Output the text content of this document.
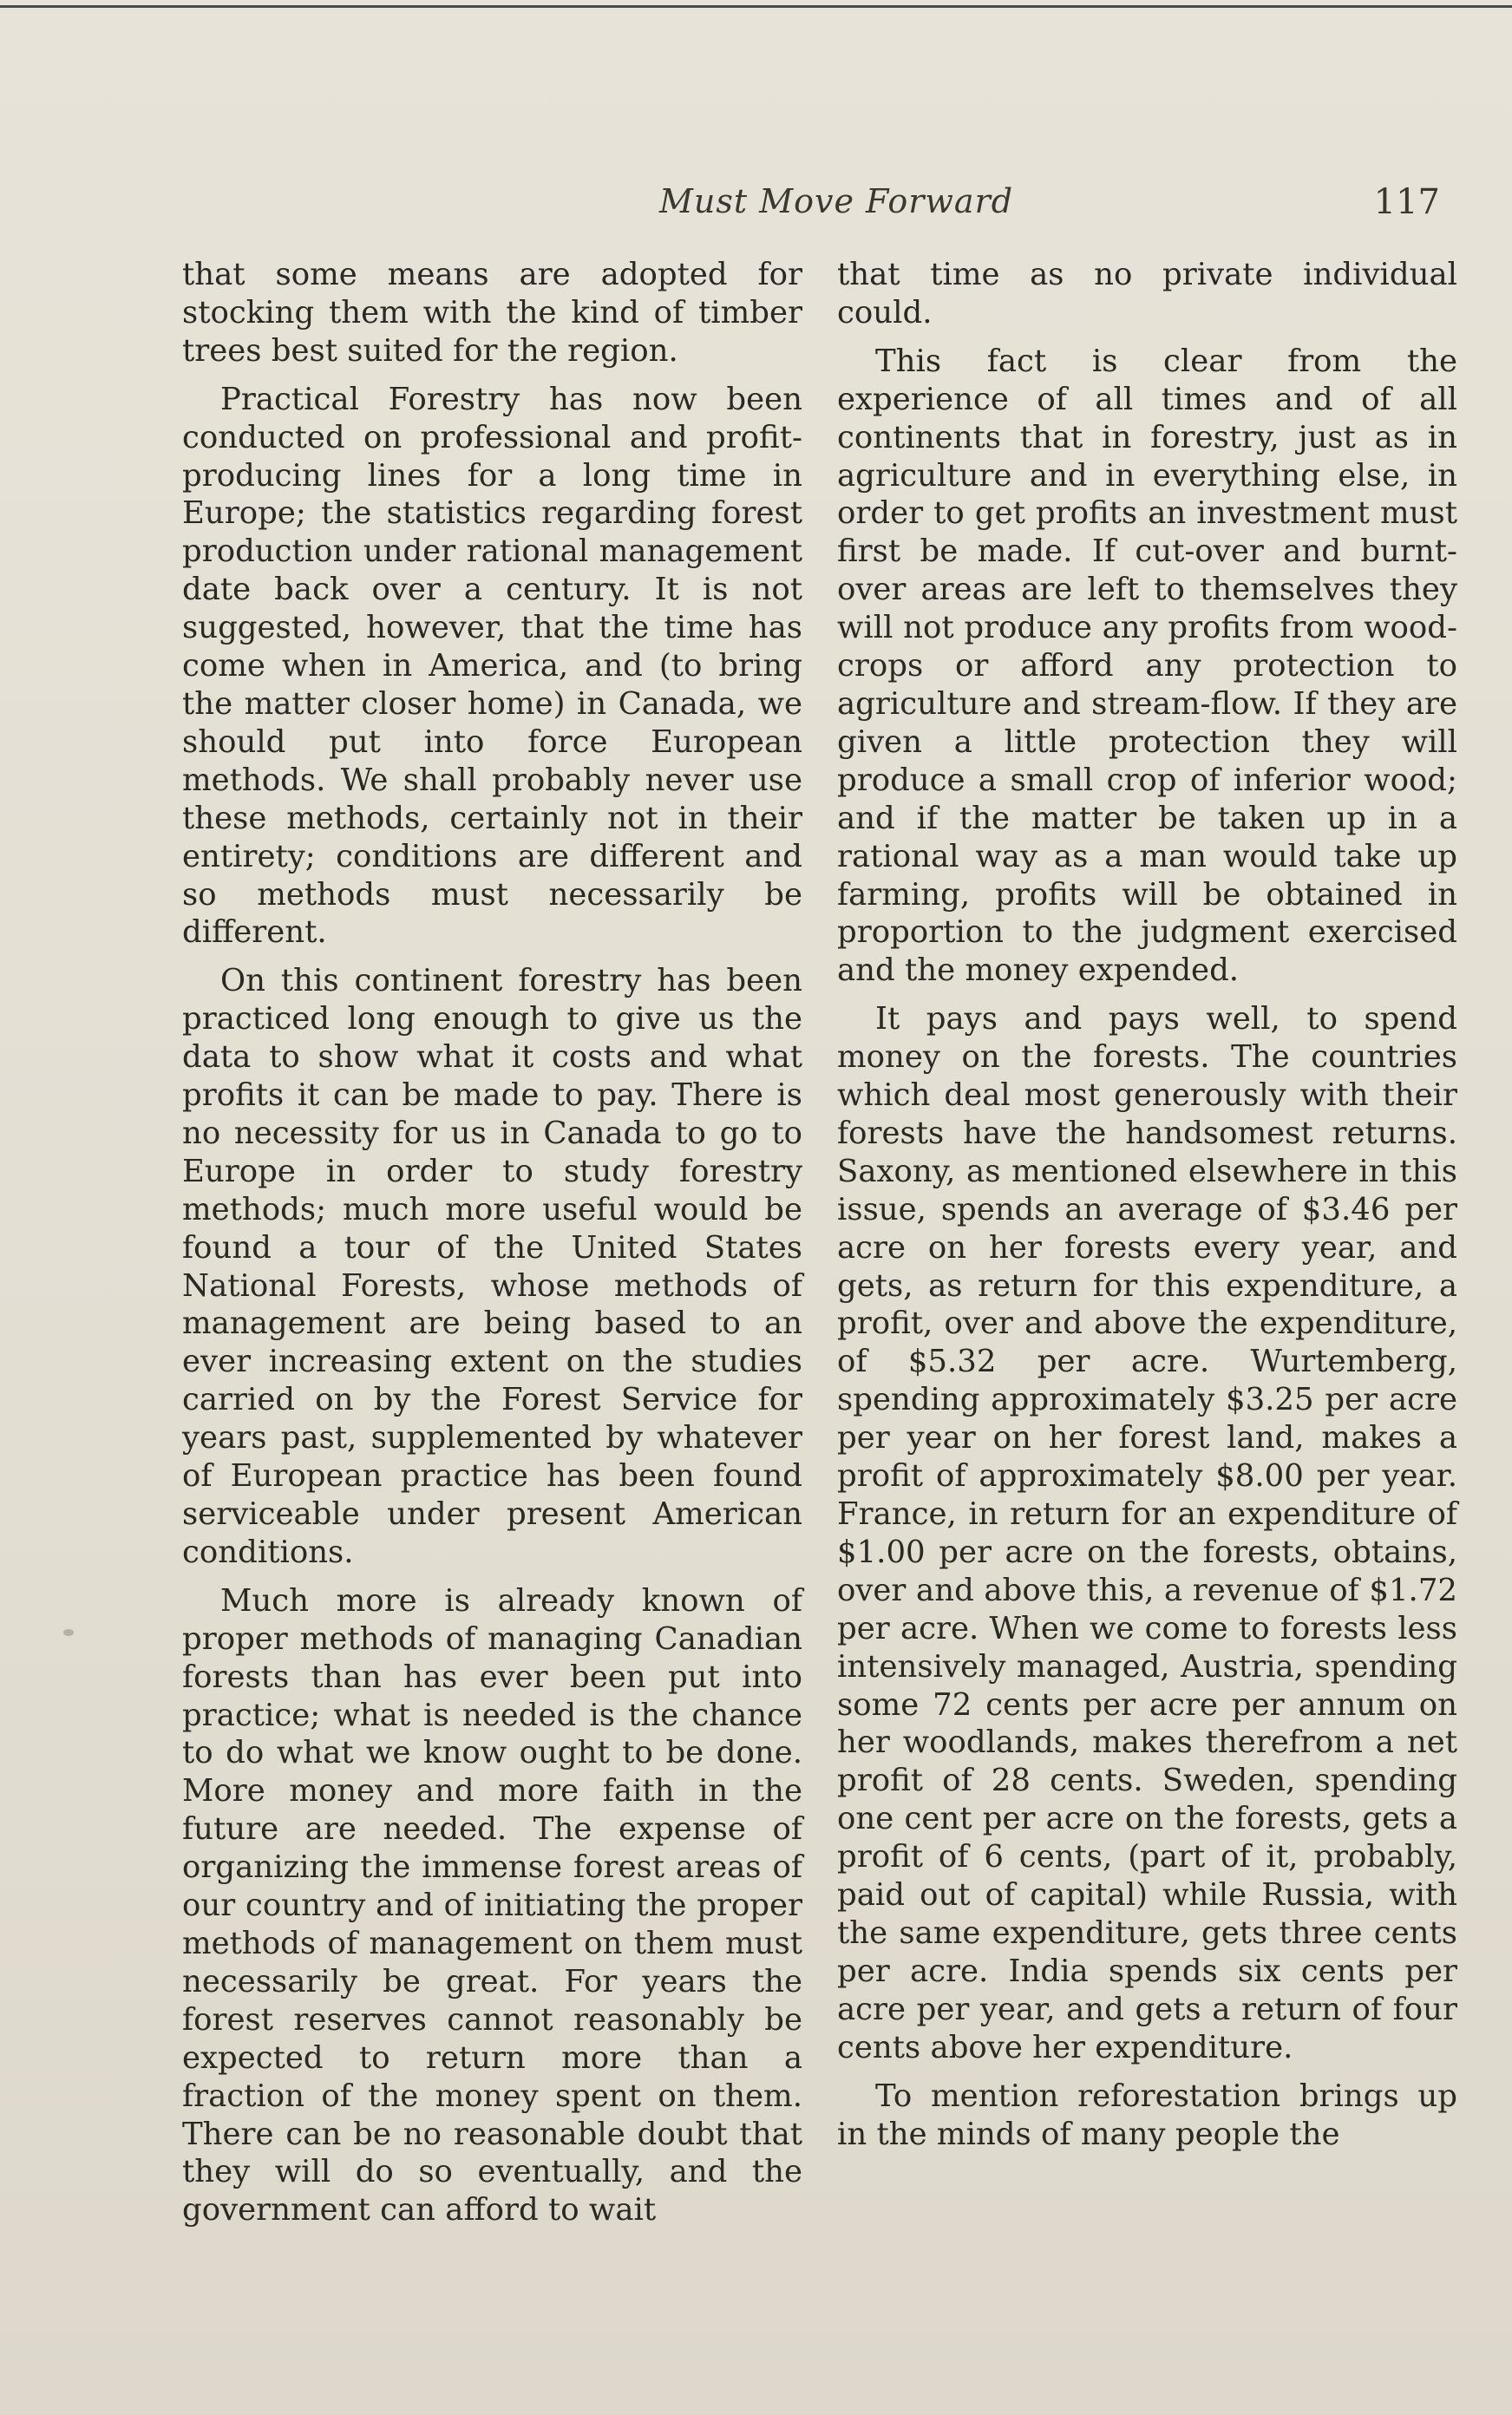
Must Move Forward	117

that some means are adopted for stocking them with the kind of timber trees best suited for the region.

Practical Forestry has now been conducted on professional and profit-producing lines for a long time in Europe; the statistics regarding forest production under rational management date back over a century. It is not suggested, however, that the time has come when in America, and (to bring the matter closer home) in Canada, we should put into force European methods. We shall probably never use these methods, certainly not in their entirety; conditions are different and so methods must necessarily be different.

On this continent forestry has been practiced long enough to give us the data to show what it costs and what profits it can be made to pay. There is no necessity for us in Canada to go to Europe in order to study forestry methods; much more useful would be found a tour of the United States National Forests, whose methods of management are being based to an ever increasing extent on the studies carried on by the Forest Service for years past, supplemented by whatever of European practice has been found serviceable under present American conditions.

Much more is already known of proper methods of managing Canadian forests than has ever been put into practice; what is needed is the chance to do what we know ought to be done. More money and more faith in the future are needed. The expense of organizing the immense forest areas of our country and of initiating the proper methods of management on them must necessarily be great. For years the forest reserves cannot reasonably be expected to return more than a fraction of the money spent on them. There can be no reasonable doubt that they will do so eventually, and the government can afford to wait

that time as no private individual could.

This fact is clear from the experience of all times and of all continents that in forestry, just as in agriculture and in everything else, in order to get profits an investment must first be made. If cut-over and burnt-over areas are left to themselves they will not produce any profits from wood-crops or afford any protection to agriculture and stream-flow. If they are given a little protection they will produce a small crop of inferior wood; and if the matter be taken up in a rational way as a man would take up farming, profits will be obtained in proportion to the judgment exercised and the money expended.

It pays and pays well, to spend money on the forests. The countries which deal most generously with their forests have the handsomest returns. Saxony, as mentioned elsewhere in this issue, spends an average of $3.46 per acre on her forests every year, and gets, as return for this expenditure, a profit, over and above the expenditure, of $5.32 per acre. Wurtemberg, spending approximately $3.25 per acre per year on her forest land, makes a profit of approximately $8.00 per year. France, in return for an expenditure of $1.00 per acre on the forests, obtains, over and above this, a revenue of $1.72 per acre. When we come to forests less intensively managed, Austria, spending some 72 cents per acre per annum on her woodlands, makes therefrom a net profit of 28 cents. Sweden, spending one cent per acre on the forests, gets a profit of 6 cents, (part of it, probably, paid out of capital) while Russia, with the same expenditure, gets three cents per acre. India spends six cents per acre per year, and gets a return of four cents above her expenditure.

To mention reforestation brings up in the minds of many people the
